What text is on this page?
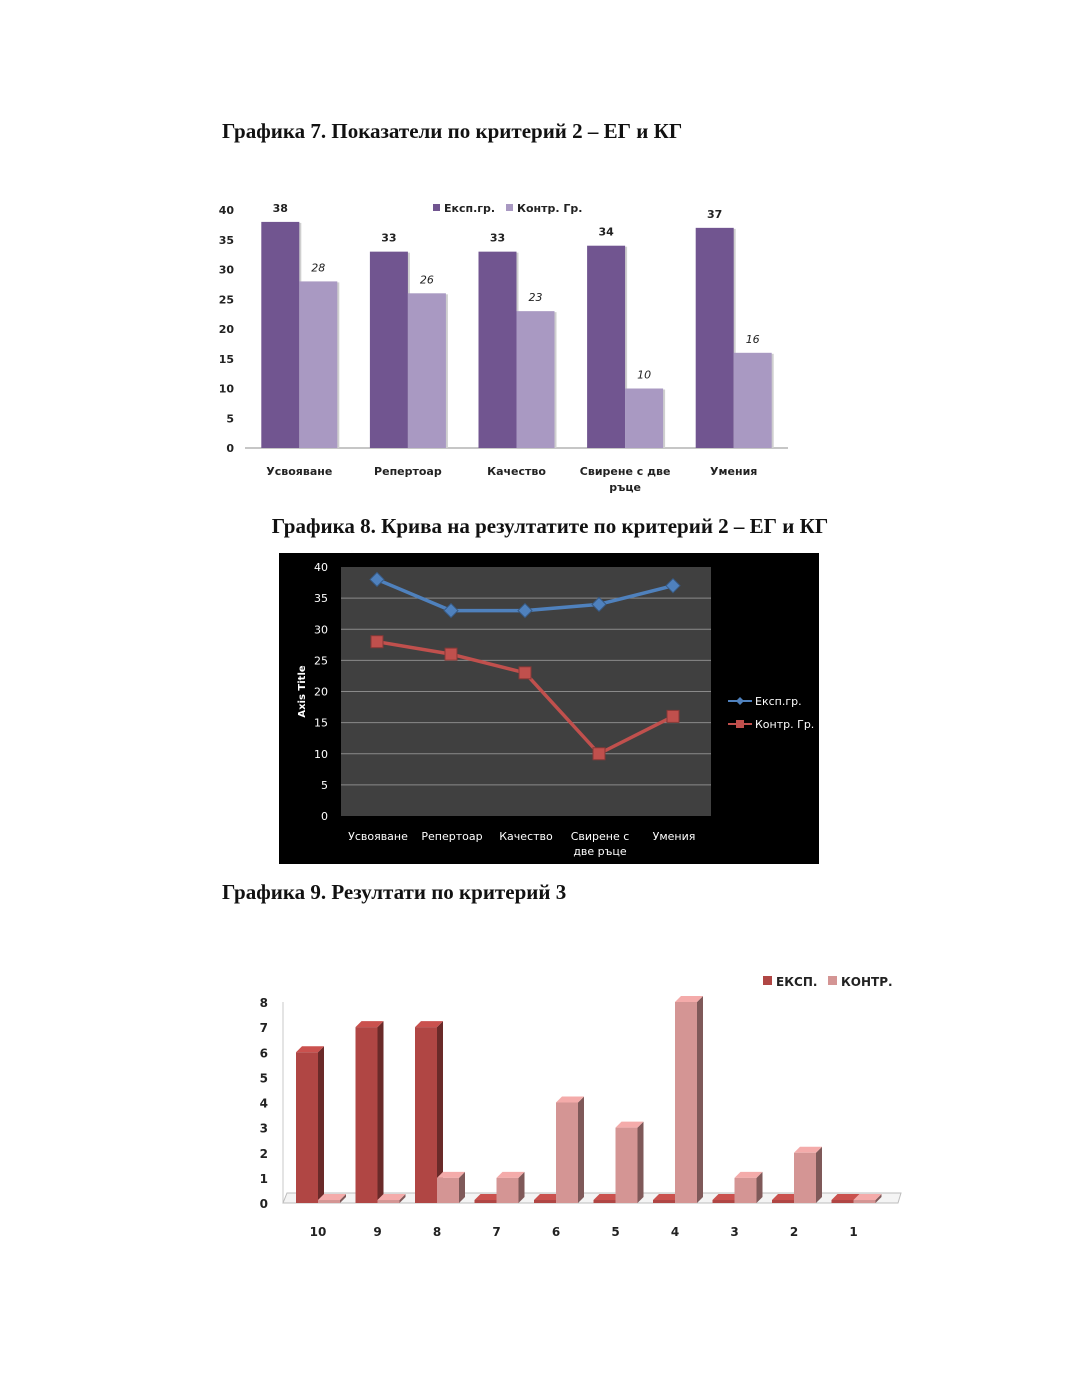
Графика 7. Показатели по критерий 2 – ЕГ и КГ
0
5
10
15
20
25
30
35
40	38
28
Усвояване
33
26
Репертоар
33
23
Качество
34
10
Свирене с две
ръце
37
16
Умения
Експ.гр. Контр. Гр.
Графика 8. Крива на резултатите по критерий 2 – ЕГ и КГ
0
5
10
15
20
25
30
35
40
Axis Title
Усвояване Репертоар Качество Свирене с
две ръце
Умения
Експ.гр.
Контр. Гр.
Графика 9. Резултати по критерий 3
0
1
2
3
4
5
6
7
8
10	9	8	7	6	5	4	3	2	1
ЕКСП. КОНТР.
